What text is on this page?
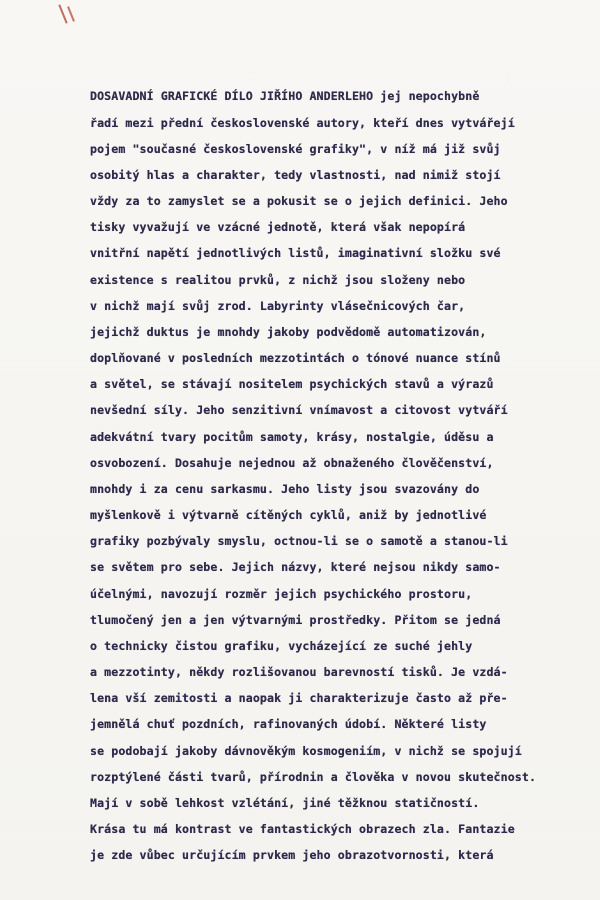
DOSAVADNÍ GRAFICKÉ DÍLO JIŘÍHO ANDERLEHO jej nepochybně
řadí mezi přední československé autory, kteří dnes vytvářejí
pojem "současné československé grafiky", v níž má již svůj
osobitý hlas a charakter, tedy vlastnosti, nad nimiž stojí
vždy za to zamyslet se a pokusit se o jejich definici. Jeho
tisky vyvažují ve vzácné jednotě, která však nepopírá
vnitřní napětí jednotlivých listů, imaginativní složku své
existence s realitou prvků, z nichž jsou složeny nebo
v nichž mají svůj zrod. Labyrinty vlásečnicových čar,
jejichž duktus je mnohdy jakoby podvědomě automatizován,
doplňované v posledních mezzotintách o tónové nuance stínů
a světel, se stávají nositelem psychických stavů a výrazů
nevšední síly. Jeho senzitivní vnímavost a citovost vytváří
adekvátní tvary pocitům samoty, krásy, nostalgie, úděsu a
osvobození. Dosahuje nejednou až obnaženého člověčenství,
mnohdy i za cenu sarkasmu. Jeho listy jsou svazovány do
myšlenkově i výtvarně cítěných cyklů, aniž by jednotlivé
grafiky pozbývaly smyslu, octnou-li se o samotě a stanou-li
se světem pro sebe. Jejich názvy, které nejsou nikdy samo-
účelnými, navozují rozměr jejich psychického prostoru,
tlumočený jen a jen výtvarnými prostředky. Přitom se jedná
o technicky čistou grafiku, vycházející ze suché jehly
a mezzotinty, někdy rozlišovanou barevností tisků. Je vzdá-
lena vší zemitosti a naopak ji charakterizuje často až pře-
jemnělá chuť pozdních, rafinovaných údobí. Některé listy
se podobají jakoby dávnověkým kosmogeniím, v nichž se spojují
rozptýlené části tvarů, přírodnin a člověka v novou skutečnost.
Mají v sobě lehkost vzlétání, jiné těžknou statičností.
Krása tu má kontrast ve fantastických obrazech zla. Fantazie
je zde vůbec určujícím prvkem jeho obrazotvornosti, která
